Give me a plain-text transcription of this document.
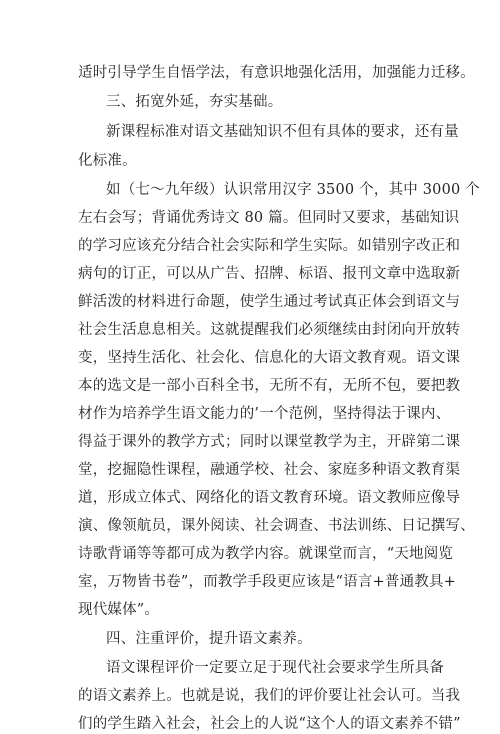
适时引导学生自悟学法，有意识地强化活用，加强能力迁移。
三、拓宽外延，夯实基础。
新课程标准对语文基础知识不但有具体的要求，还有量
化标准。
如（七～九年级）认识常用汉字 3500 个，其中 3000 个
左右会写；背诵优秀诗文 80 篇。但同时又要求，基础知识
的学习应该充分结合社会实际和学生实际。如错别字改正和
病句的订正，可以从广告、招牌、标语、报刊文章中选取新
鲜活泼的材料进行命题，使学生通过考试真正体会到语文与
社会生活息息相关。这就提醒我们必须继续由封闭向开放转
变，坚持生活化、社会化、信息化的大语文教育观。语文课
本的选文是一部小百科全书，无所不有，无所不包，要把教
材作为培养学生语文能力的’一个范例，坚持得法于课内、
得益于课外的教学方式；同时以课堂教学为主，开辟第二课
堂，挖掘隐性课程，融通学校、社会、家庭多种语文教育渠
道，形成立体式、网络化的语文教育环境。语文教师应像导
演、像领航员，课外阅读、社会调查、书法训练、日记撰写、
诗歌背诵等等都可成为教学内容。就课堂而言，“天地阅览
室，万物皆书卷”，而教学手段更应该是“语言+普通教具+
现代媒体”。
四、注重评价，提升语文素养。
语文课程评价一定要立足于现代社会要求学生所具备
的语文素养上。也就是说，我们的评价要让社会认可。当我
们的学生踏入社会，社会上的人说“这个人的语文素养不错”
